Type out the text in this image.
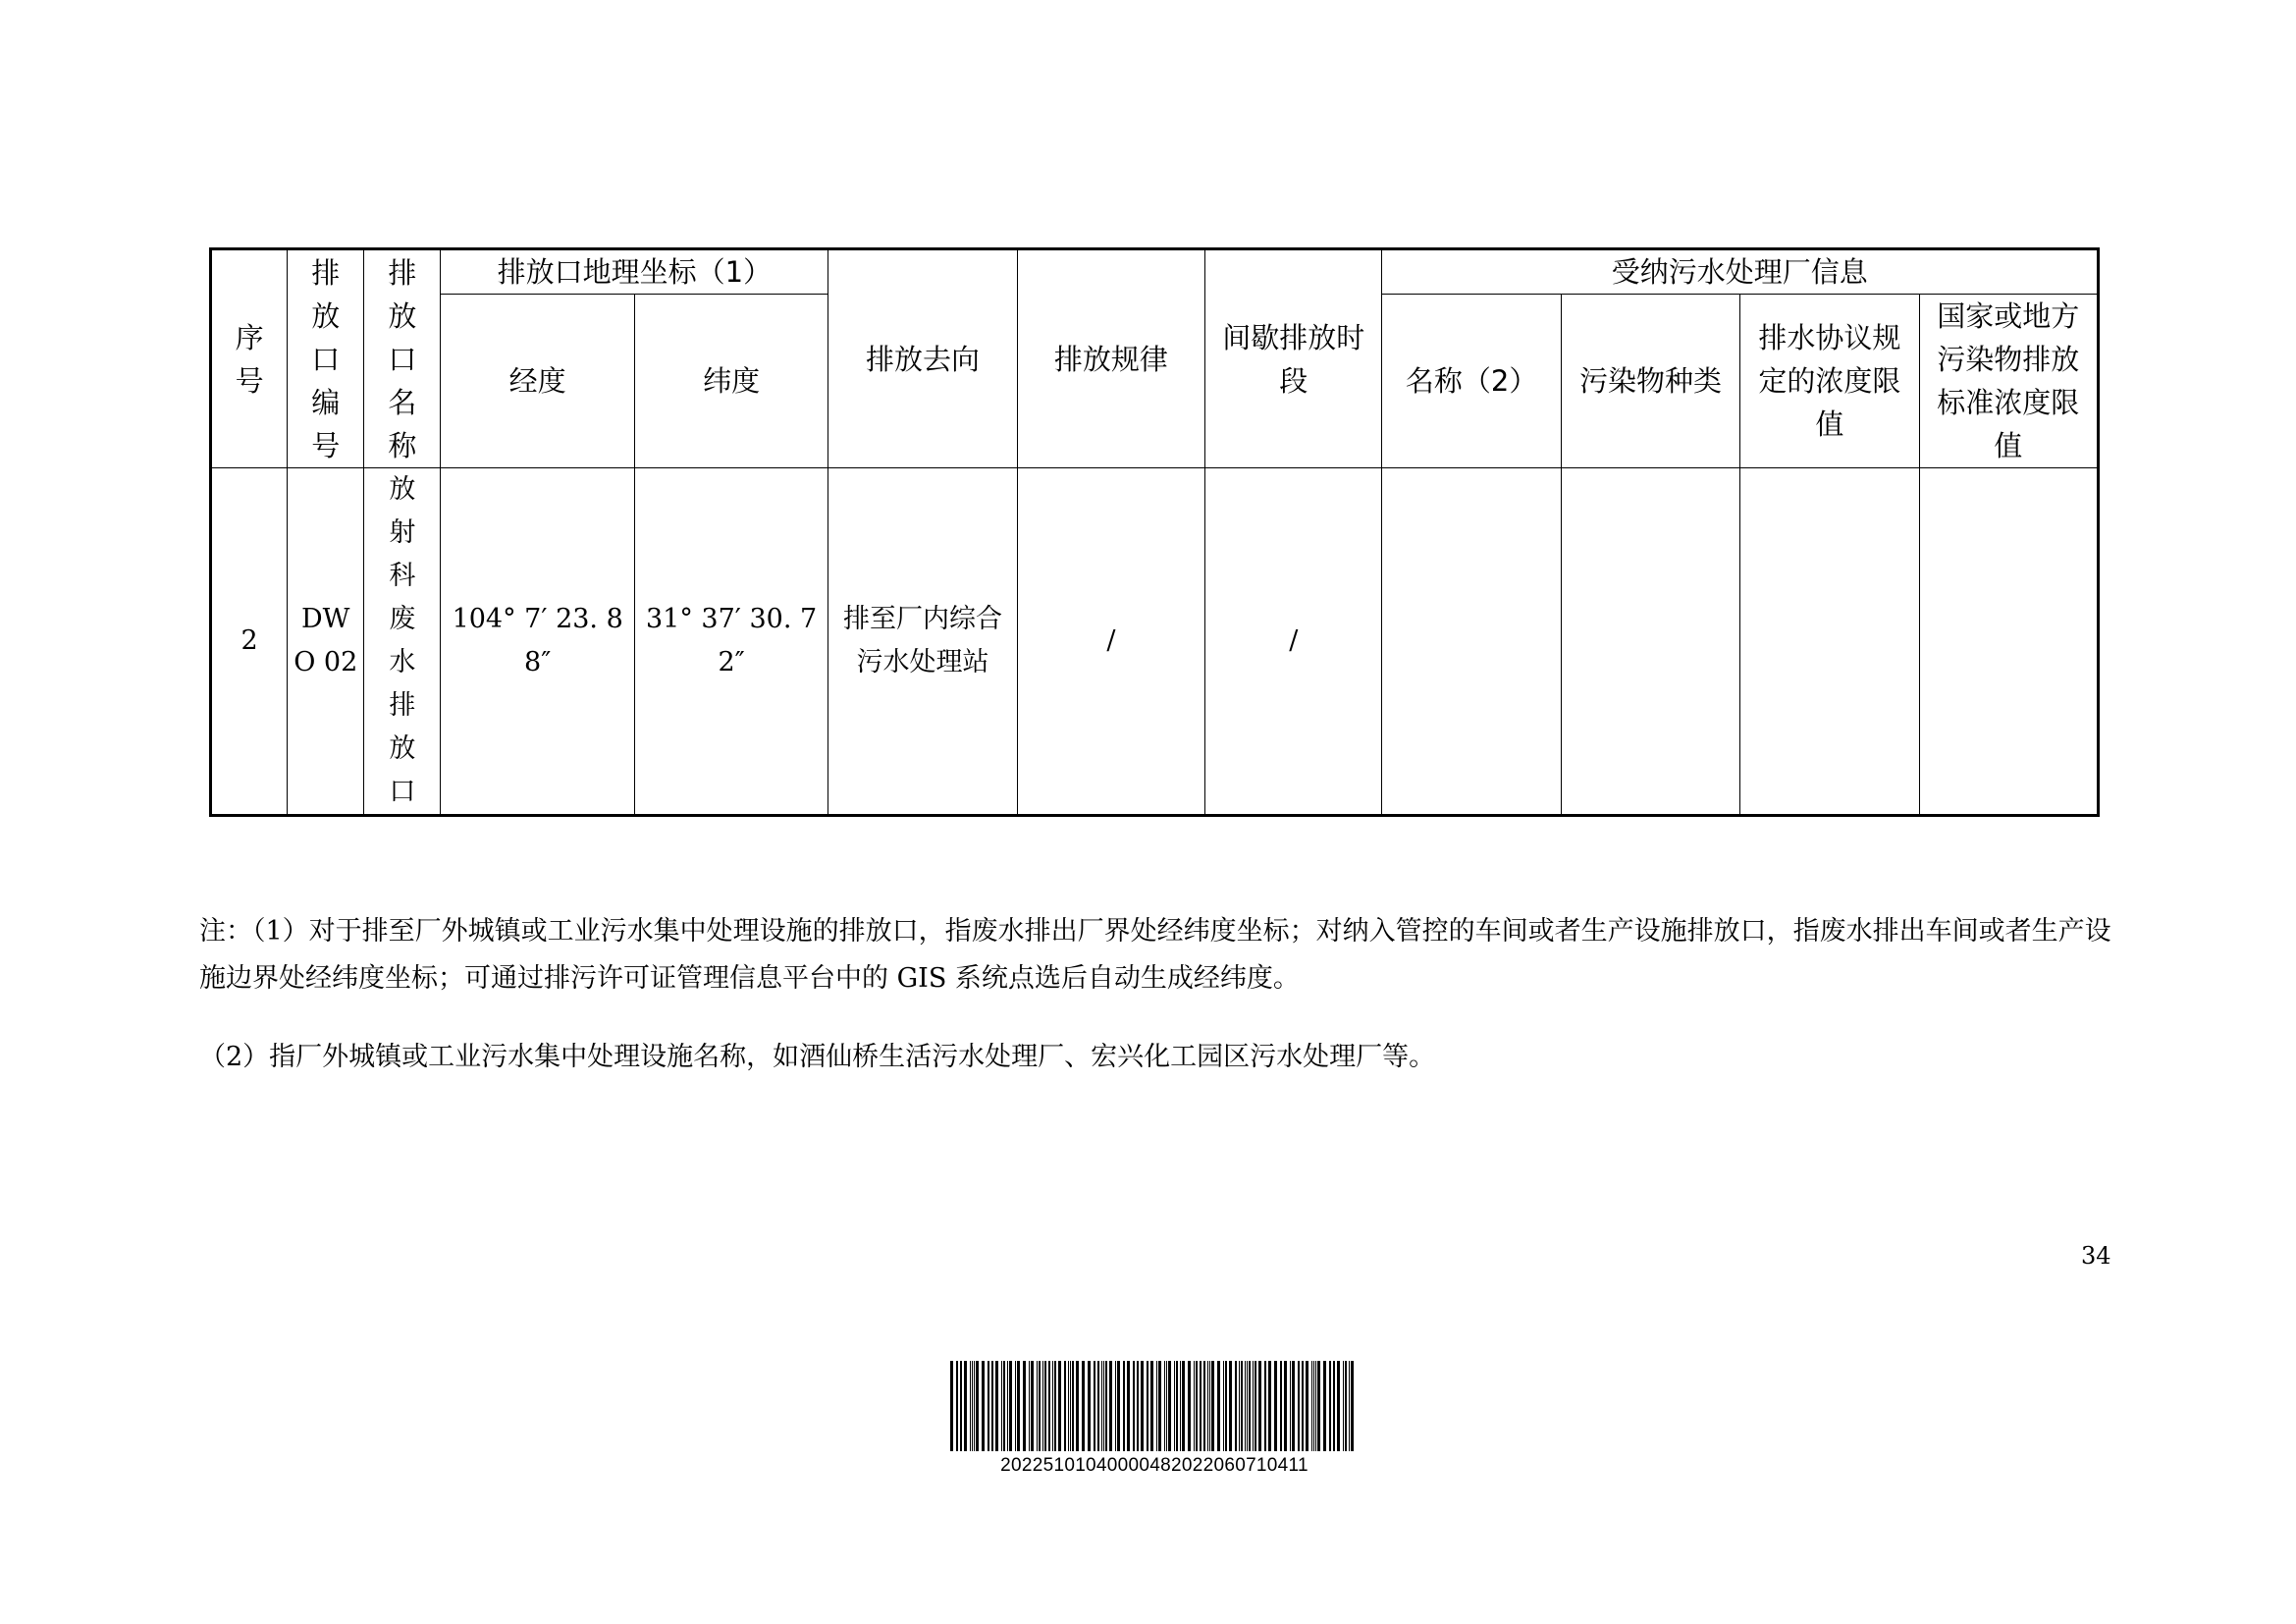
序号	排放口编号	排放口名称	排放口地理坐标（1）		排放去向	排放规律	间歇排放时段	受纳污水处理厂信息			
			经度	纬度				名称（2）	污染物种类	排水协议规定的浓度限值	国家或地方污染物排放标准浓度限值
2	DWO 02	放射科废水排放口	104° 7′ 23. 88″	31° 37′ 30. 72″	排至厂内综合污水处理站	/	/				

注：（1）对于排至厂外城镇或工业污水集中处理设施的排放口，指废水排出厂界处经纬度坐标；对纳入管控的车间或者生产设施排放口，指废水排出车间或者生产设施边界处经纬度坐标；可通过排污许可证管理信息平台中的 GIS 系统点选后自动生成经纬度。

（2）指厂外城镇或工业污水集中处理设施名称，如酒仙桥生活污水处理厂、宏兴化工园区污水处理厂等。

34
20225101040000482022060710411
